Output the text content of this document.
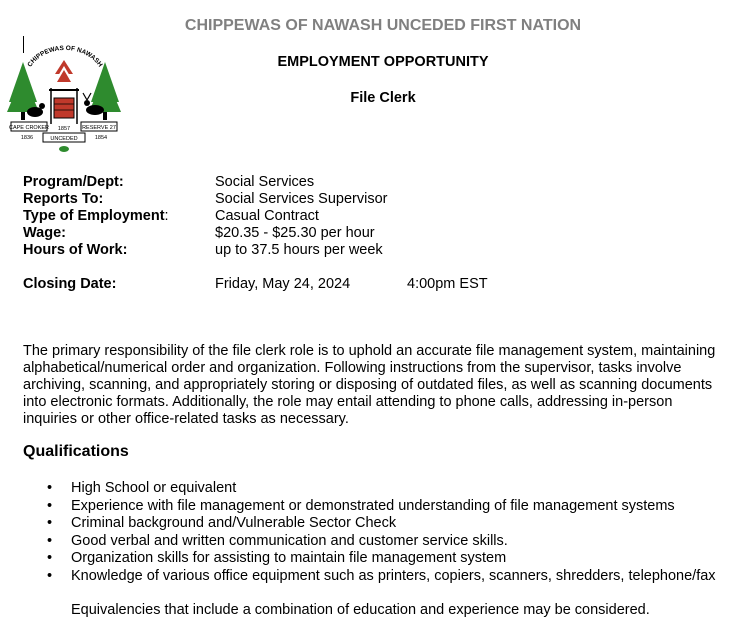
CHIPPEWAS OF NAWASH UNCEDED FIRST NATION
CHIPPEWAS OF NAWASH
CAPE CROKER	RESERVE 27
1857
1836	UNCEDED	1854
EMPLOYMENT OPPORTUNITY
File Clerk
Program/Dept:	Social Services
Reports To:	Social Services Supervisor
Type of Employment:	Casual Contract
Wage:	$20.35 - $25.30 per hour
Hours of Work:	up to 37.5 hours per week
Closing Date:	Friday, May 24, 2024	4:00pm EST

The primary responsibility of the file clerk role is to uphold an accurate file management system, maintaining alphabetical/numerical order and organization. Following instructions from the supervisor, tasks involve archiving, scanning, and appropriately storing or disposing of outdated files, as well as scanning documents into electronic formats. Additionally, the role may entail attending to phone calls, addressing in-person inquiries or other office-related tasks as necessary.

Qualifications
• High School or equivalent
• Experience with file management or demonstrated understanding of file management systems
• Criminal background and/Vulnerable Sector Check
• Good verbal and written communication and customer service skills.
• Organization skills for assisting to maintain file management system
• Knowledge of various office equipment such as printers, copiers, scanners, shredders, telephone/fax

Equivalencies that include a combination of education and experience may be considered.
